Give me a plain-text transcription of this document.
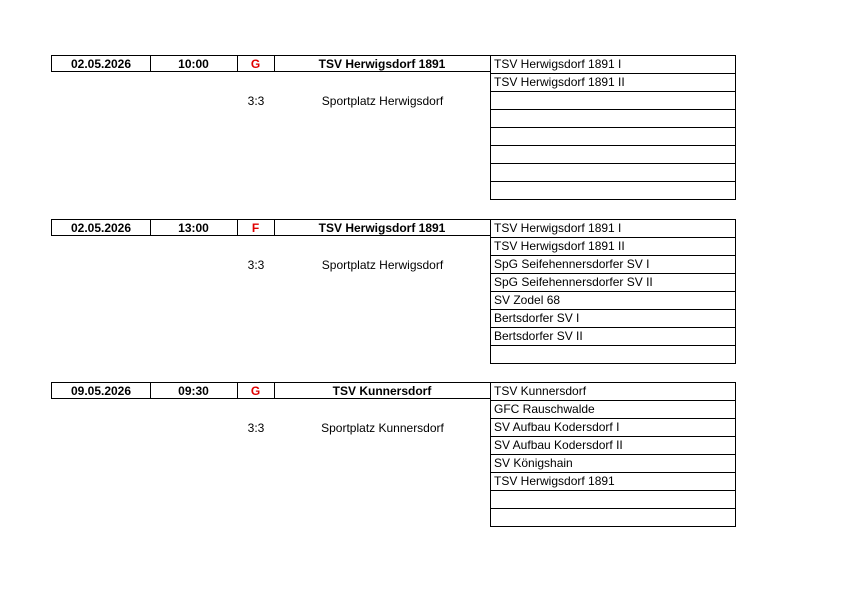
02.05.2026	10:00	G	TSV Herwigsdorf 1891
3:3	Sportplatz Herwigsdorf
TSV Herwigsdorf 1891 I
TSV Herwigsdorf 1891 II
02.05.2026	13:00	F	TSV Herwigsdorf 1891
3:3	Sportplatz Herwigsdorf
TSV Herwigsdorf 1891 I
TSV Herwigsdorf 1891 II
SpG Seifehennersdorfer SV I
SpG Seifehennersdorfer SV II
SV Zodel 68
Bertsdorfer SV I
Bertsdorfer SV II
09.05.2026	09:30	G	TSV Kunnersdorf
3:3	Sportplatz Kunnersdorf
TSV Kunnersdorf
GFC Rauschwalde
SV Aufbau Kodersdorf I
SV Aufbau Kodersdorf II
SV Königshain
TSV Herwigsdorf 1891
